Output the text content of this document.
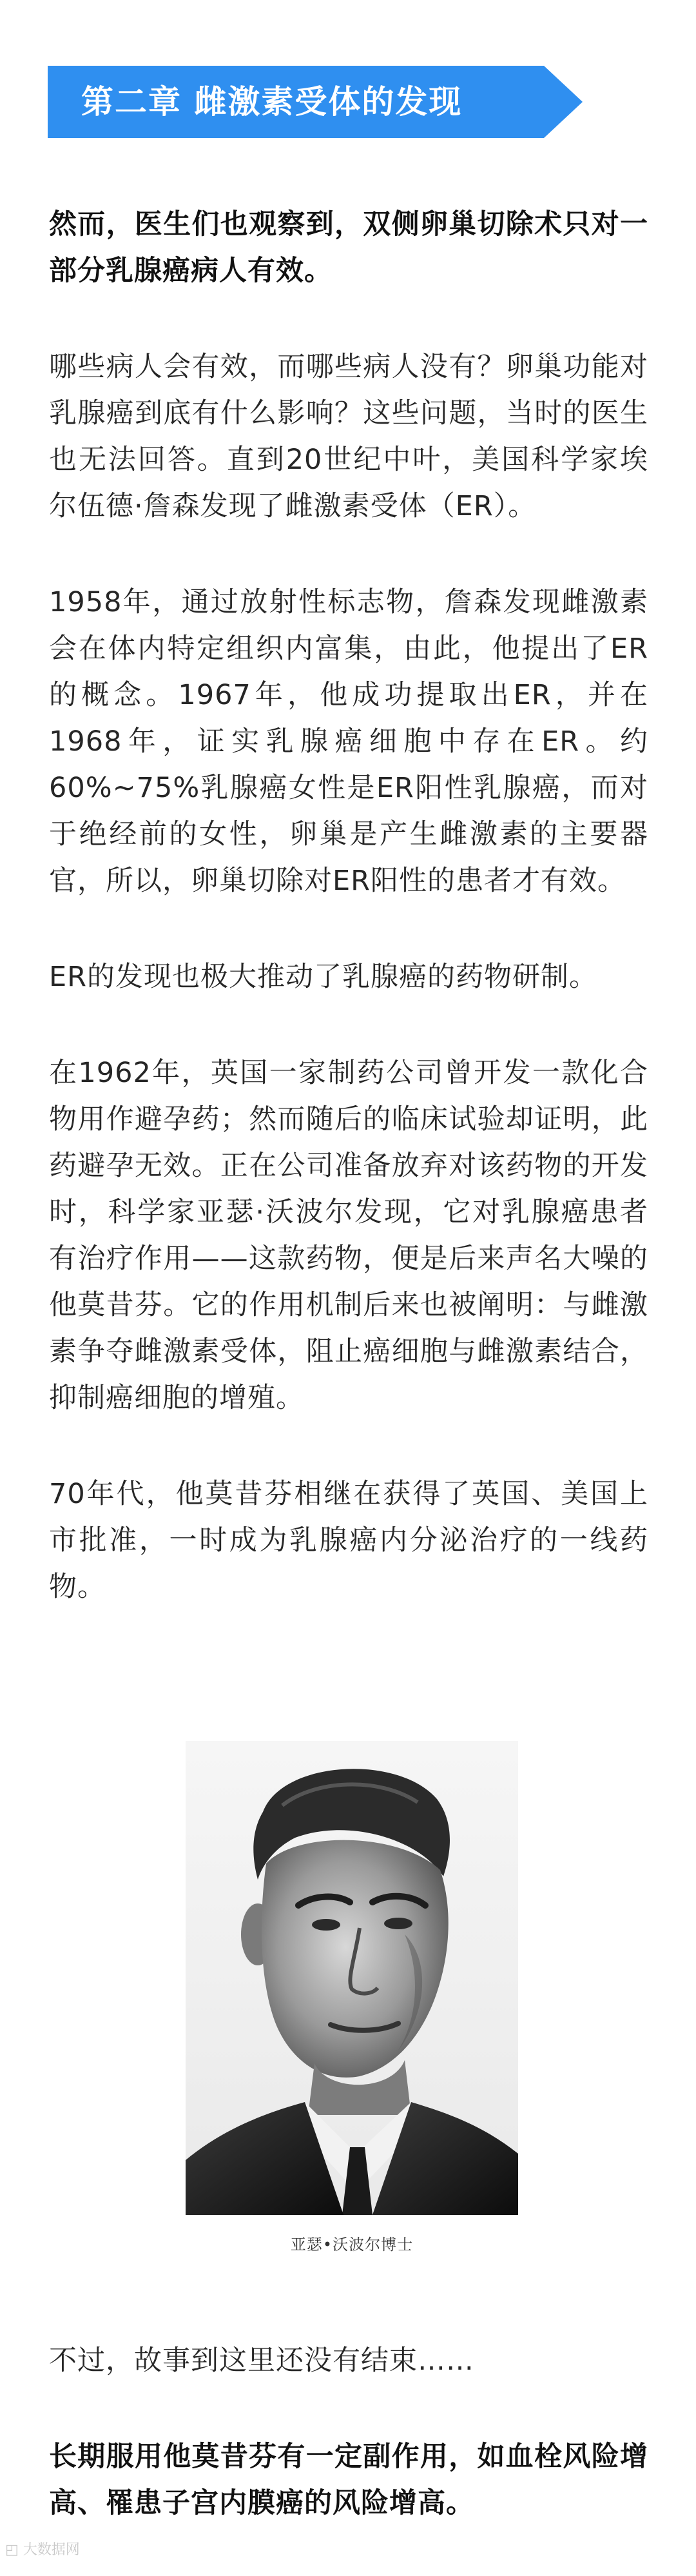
第二章 雌激素受体的发现

然而，医生们也观察到，双侧卵巢切除术只对一部分乳腺癌病人有效。

哪些病人会有效，而哪些病人没有？卵巢功能对乳腺癌到底有什么影响？这些问题，当时的医生也无法回答。直到20世纪中叶，美国科学家埃尔伍德·詹森发现了雌激素受体（ER）。

1958年，通过放射性标志物，詹森发现雌激素会在体内特定组织内富集，由此，他提出了ER的概念。1967年，他成功提取出ER，并在1968年，证实乳腺癌细胞中存在ER。约60%~75%乳腺癌女性是ER阳性乳腺癌，而对于绝经前的女性，卵巢是产生雌激素的主要器官，所以，卵巢切除对ER阳性的患者才有效。

ER的发现也极大推动了乳腺癌的药物研制。

在1962年，英国一家制药公司曾开发一款化合物用作避孕药；然而随后的临床试验却证明，此药避孕无效。正在公司准备放弃对该药物的开发时，科学家亚瑟·沃波尔发现，它对乳腺癌患者有治疗作用——这款药物，便是后来声名大噪的他莫昔芬。它的作用机制后来也被阐明：与雌激素争夺雌激素受体，阻止癌细胞与雌激素结合，抑制癌细胞的增殖。

70年代，他莫昔芬相继在获得了英国、美国上市批准，一时成为乳腺癌内分泌治疗的一线药物。

亚瑟•沃波尔博士

不过，故事到这里还没有结束……

长期服用他莫昔芬有一定副作用，如血栓风险增高、罹患子宫内膜癌的风险增高。

◰ 大数据网
